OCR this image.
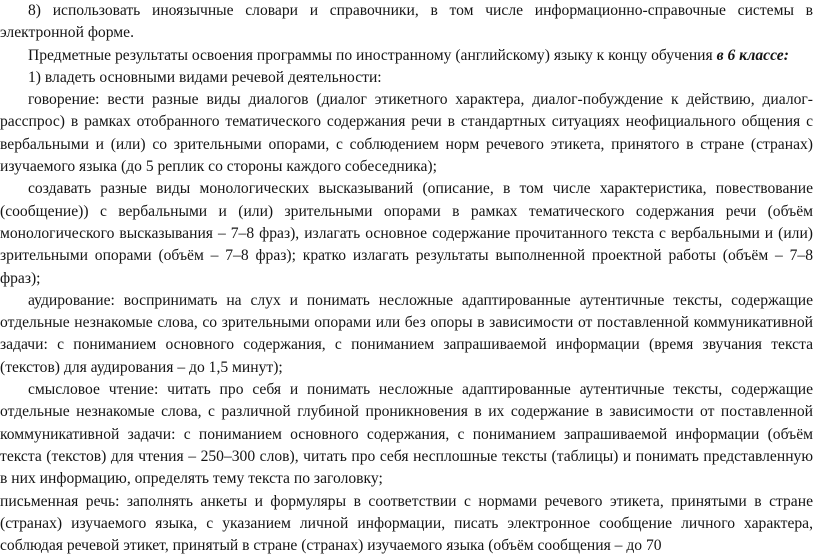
8) использовать иноязычные словари и справочники, в том числе информационно-справочные системы в электронной форме.

Предметные результаты освоения программы по иностранному (английскому) языку к концу обучения в 6 классе:

1) владеть основными видами речевой деятельности:

говорение: вести разные виды диалогов (диалог этикетного характера, диалог-побуждение к действию, диалог-расспрос) в рамках отобранного тематического содержания речи в стандартных ситуациях неофициального общения с вербальными и (или) со зрительными опорами, с соблюдением норм речевого этикета, принятого в стране (странах) изучаемого языка (до 5 реплик со стороны каждого собеседника);

создавать разные виды монологических высказываний (описание, в том числе характеристика, повествование (сообщение)) с вербальными и (или) зрительными опорами в рамках тематического содержания речи (объём монологического высказывания – 7–8 фраз), излагать основное содержание прочитанного текста с вербальными и (или) зрительными опорами (объём – 7–8 фраз); кратко излагать результаты выполненной проектной работы (объём – 7–8 фраз);

аудирование: воспринимать на слух и понимать несложные адаптированные аутентичные тексты, содержащие отдельные незнакомые слова, со зрительными опорами или без опоры в зависимости от поставленной коммуникативной задачи: с пониманием основного содержания, с пониманием запрашиваемой информации (время звучания текста (текстов) для аудирования – до 1,5 минут);

смысловое чтение: читать про себя и понимать несложные адаптированные аутентичные тексты, содержащие отдельные незнакомые слова, с различной глубиной проникновения в их содержание в зависимости от поставленной коммуникативной задачи: с пониманием основного содержания, с пониманием запрашиваемой информации (объём текста (текстов) для чтения – 250–300 слов), читать про себя несплошные тексты (таблицы) и понимать представленную в них информацию, определять тему текста по заголовку;

письменная речь: заполнять анкеты и формуляры в соответствии с нормами речевого этикета, принятыми в стране (странах) изучаемого языка, с указанием личной информации, писать электронное сообщение личного характера, соблюдая речевой этикет, принятый в стране (странах) изучаемого языка (объём сообщения – до 70
